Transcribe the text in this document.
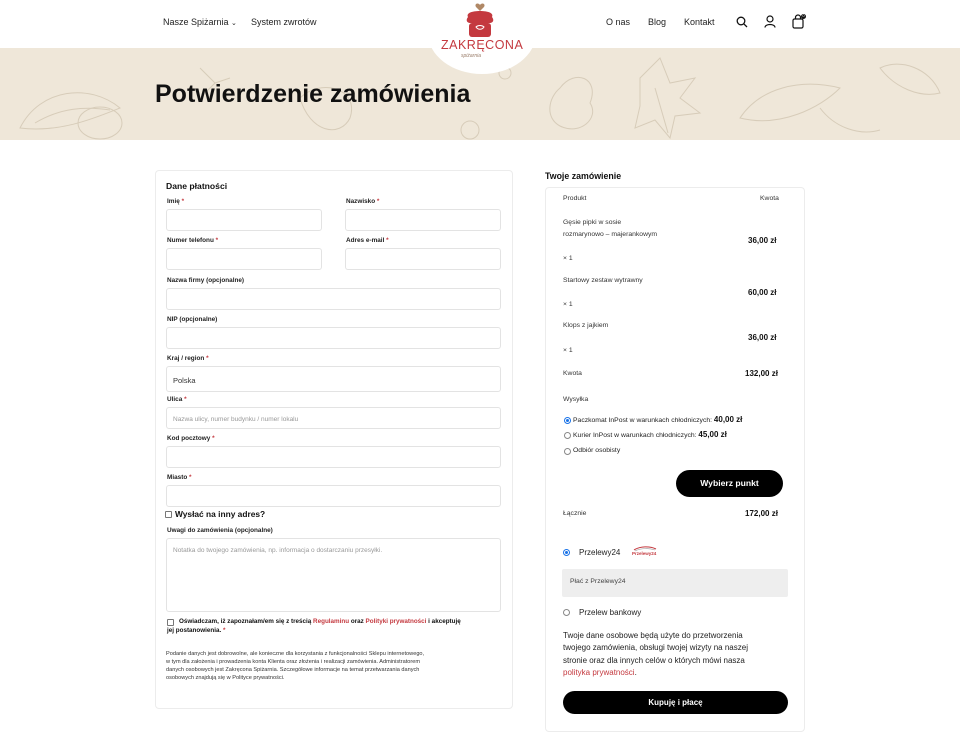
Nasze Spiżarnia ⌄ System zwrotów	O nas Blog Kontakt
0
Potwierdzenie zamówienia
ZAKRĘCONA
spiżarnia
Dane płatności
Imię *	Nazwisko *
Numer telefonu *	Adres e-mail *
Nazwa firmy (opcjonalne)
NIP (opcjonalne)
Kraj / region *
Polska
Ulica *
Nazwa ulicy, numer budynku / numer lokalu
Kod pocztowy *
Miasto *
Wysłać na inny adres?
Uwagi do zamówienia (opcjonalne)
Notatka do twojego zamówienia, np. informacja o dostarczaniu przesyłki.
Oświadczam, iż zapoznałam/em się z treścią Regulaminu oraz Polityki prywatności i akceptuję
jej postanowienia. *
Podanie danych jest dobrowolne, ale konieczne dla korzystania z funkcjonalności Sklepu internetowego,
w tym dla założenia i prowadzenia konta Klienta oraz złożenia i realizacji zamówienia. Administratorem
danych osobowych jest Zakręcona Spiżarnia. Szczegółowe informacje na temat przetwarzania danych
osobowych znajdują się w Polityce prywatności.
Twoje zamówienie
Produkt	Kwota
Gęsie pipki w sosie
rozmarynowo – majerankowym
36,00 zł
× 1
Startowy zestaw wytrawny
60,00 zł
× 1
Klops z jajkiem
36,00 zł
× 1
Kwota	132,00 zł
Wysyłka
Paczkomat InPost w warunkach chłodniczych: 40,00 zł
Kurier InPost w warunkach chłodniczych: 45,00 zł
Odbiór osobisty
Wybierz punkt
Łącznie	172,00 zł
Przelewy24	Przelewy24
Płać z Przelewy24
Przelew bankowy
Twoje dane osobowe będą użyte do przetworzenia
twojego zamówienia, obsługi twojej wizyty na naszej
stronie oraz dla innych celów o których mówi nasza
polityka prywatności.
Kupuję i płacę
